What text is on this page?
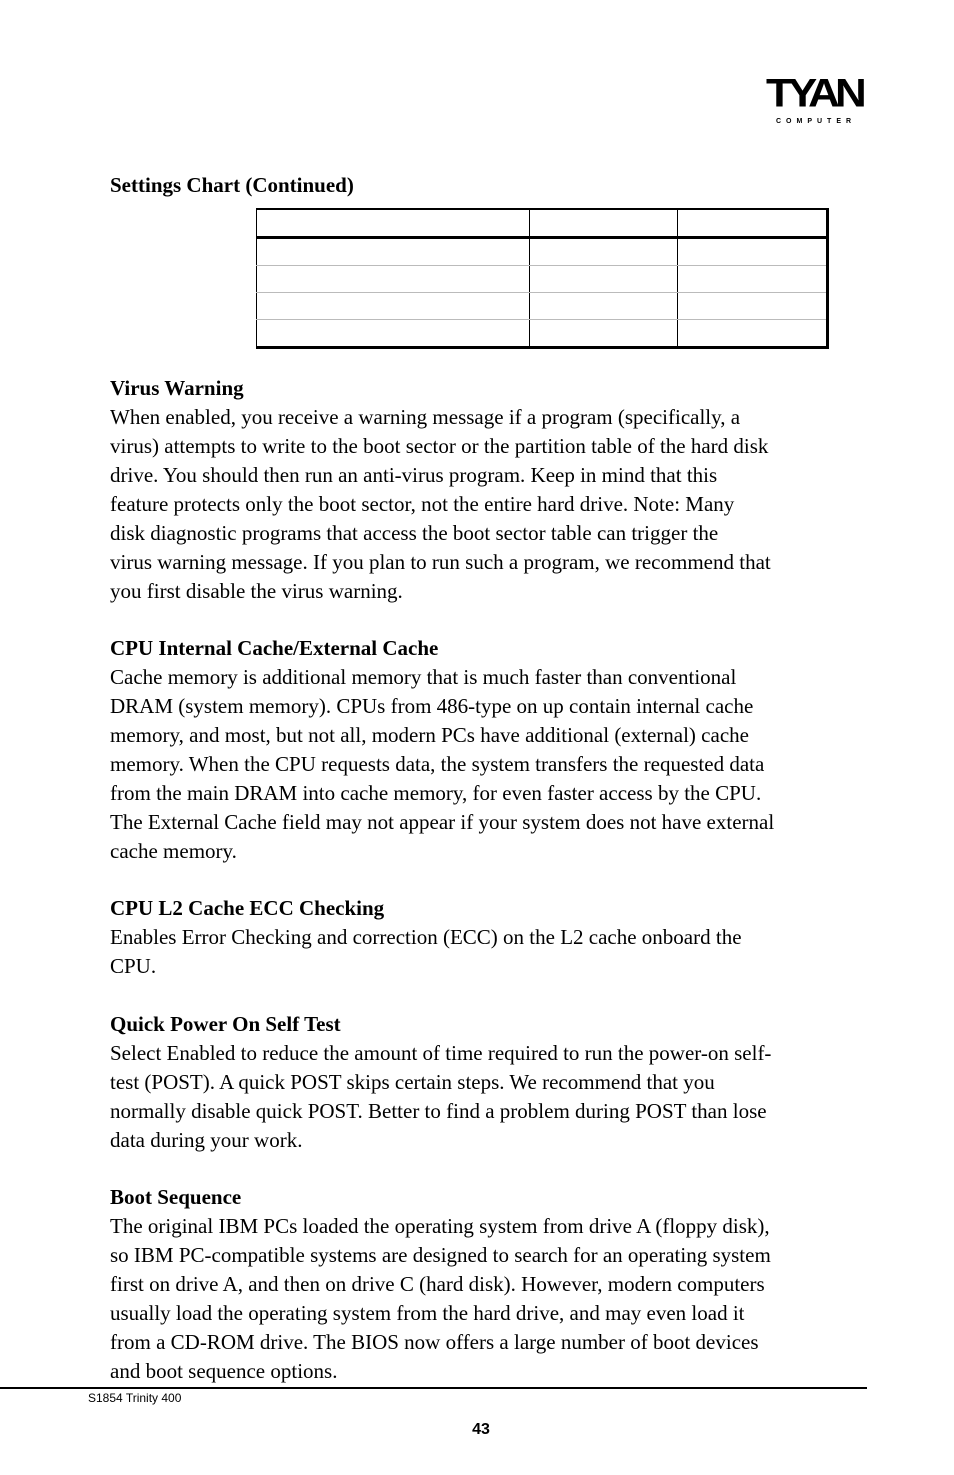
TYAN
COMPUTER
Settings Chart (Continued)

Virus Warning
When enabled, you receive a warning message if a program (specifically, a
virus) attempts to write to the boot sector or the partition table of the hard disk
drive. You should then run an anti-virus program. Keep in mind that this
feature protects only the boot sector, not the entire hard drive. Note: Many
disk diagnostic programs that access the boot sector table can trigger the
virus warning message. If you plan to run such a program, we recommend that
you first disable the virus warning.
CPU Internal Cache/External Cache
Cache memory is additional memory that is much faster than conventional
DRAM (system memory). CPUs from 486-type on up contain internal cache
memory, and most, but not all, modern PCs have additional (external) cache
memory. When the CPU requests data, the system transfers the requested data
from the main DRAM into cache memory, for even faster access by the CPU.
The External Cache field may not appear if your system does not have external
cache memory.
CPU L2 Cache ECC Checking
Enables Error Checking and correction (ECC) on the L2 cache onboard the
CPU.
Quick Power On Self Test
Select Enabled to reduce the amount of time required to run the power-on self-
test (POST). A quick POST skips certain steps. We recommend that you
normally disable quick POST. Better to find a problem during POST than lose
data during your work.
Boot Sequence
The original IBM PCs loaded the operating system from drive A (floppy disk),
so IBM PC-compatible systems are designed to search for an operating system
first on drive A, and then on drive C (hard disk). However, modern computers
usually load the operating system from the hard drive, and may even load it
from a CD-ROM drive. The BIOS now offers a large number of boot devices
and boot sequence options.
S1854 Trinity 400
43
